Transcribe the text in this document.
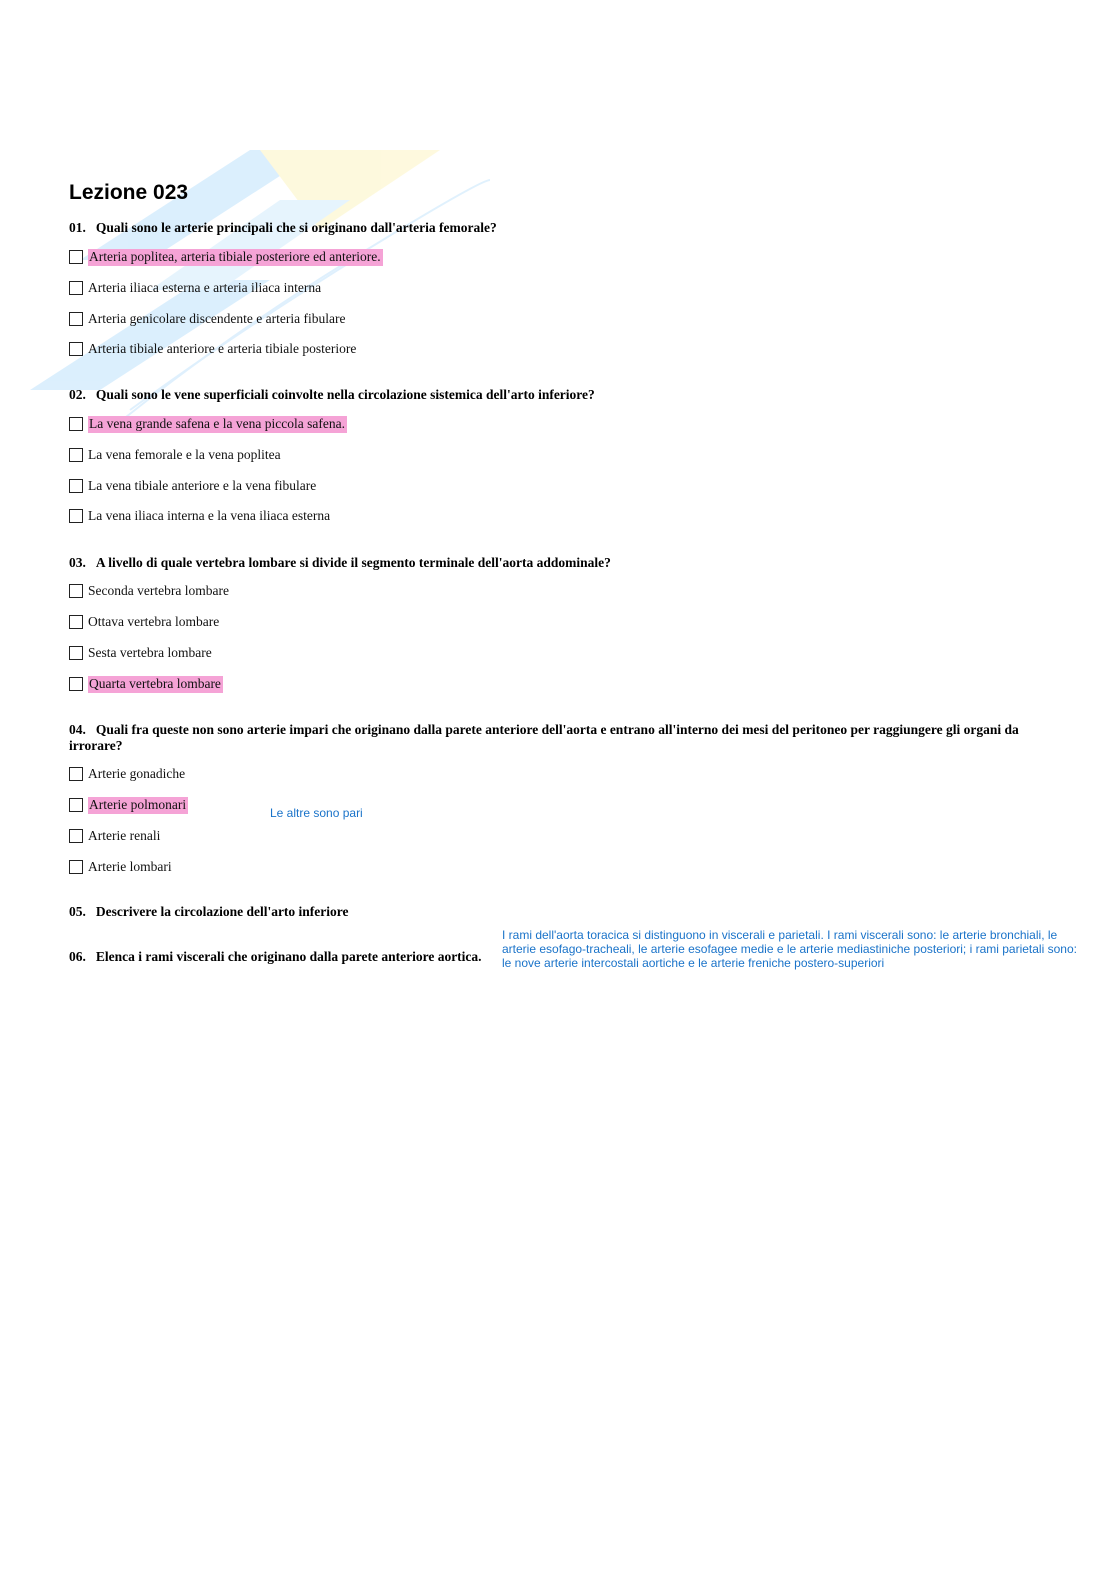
Lezione 023

01. Quali sono le arterie principali che si originano dall'arteria femorale?

Arteria poplitea, arteria tibiale posteriore ed anteriore.
Arteria iliaca esterna e arteria iliaca interna
Arteria genicolare discendente e arteria fibulare
Arteria tibiale anteriore e arteria tibiale posteriore

02. Quali sono le vene superficiali coinvolte nella circolazione sistemica dell'arto inferiore?

La vena grande safena e la vena piccola safena.
La vena femorale e la vena poplitea
La vena tibiale anteriore e la vena fibulare
La vena iliaca interna e la vena iliaca esterna

03. A livello di quale vertebra lombare si divide il segmento terminale dell'aorta addominale?

Seconda vertebra lombare
Ottava vertebra lombare
Sesta vertebra lombare
Quarta vertebra lombare

04. Quali fra queste non sono arterie impari che originano dalla parete anteriore dell'aorta e entrano all'interno dei mesi del peritoneo per raggiungere gli organi da irrorare?

Arterie gonadiche
Arterie polmonari
Le altre sono pari
Arterie renali
Arterie lombari

05. Descrivere la circolazione dell'arto inferiore

06. Elenca i rami viscerali che originano dalla parete anteriore aortica.

I rami dell'aorta toracica si distinguono in viscerali e parietali. I rami viscerali sono: le arterie bronchiali, le arterie esofago-tracheali, le arterie esofagee medie e le arterie mediastiniche posteriori; i rami parietali sono: le nove arterie intercostali aortiche e le arterie freniche postero-superiori
